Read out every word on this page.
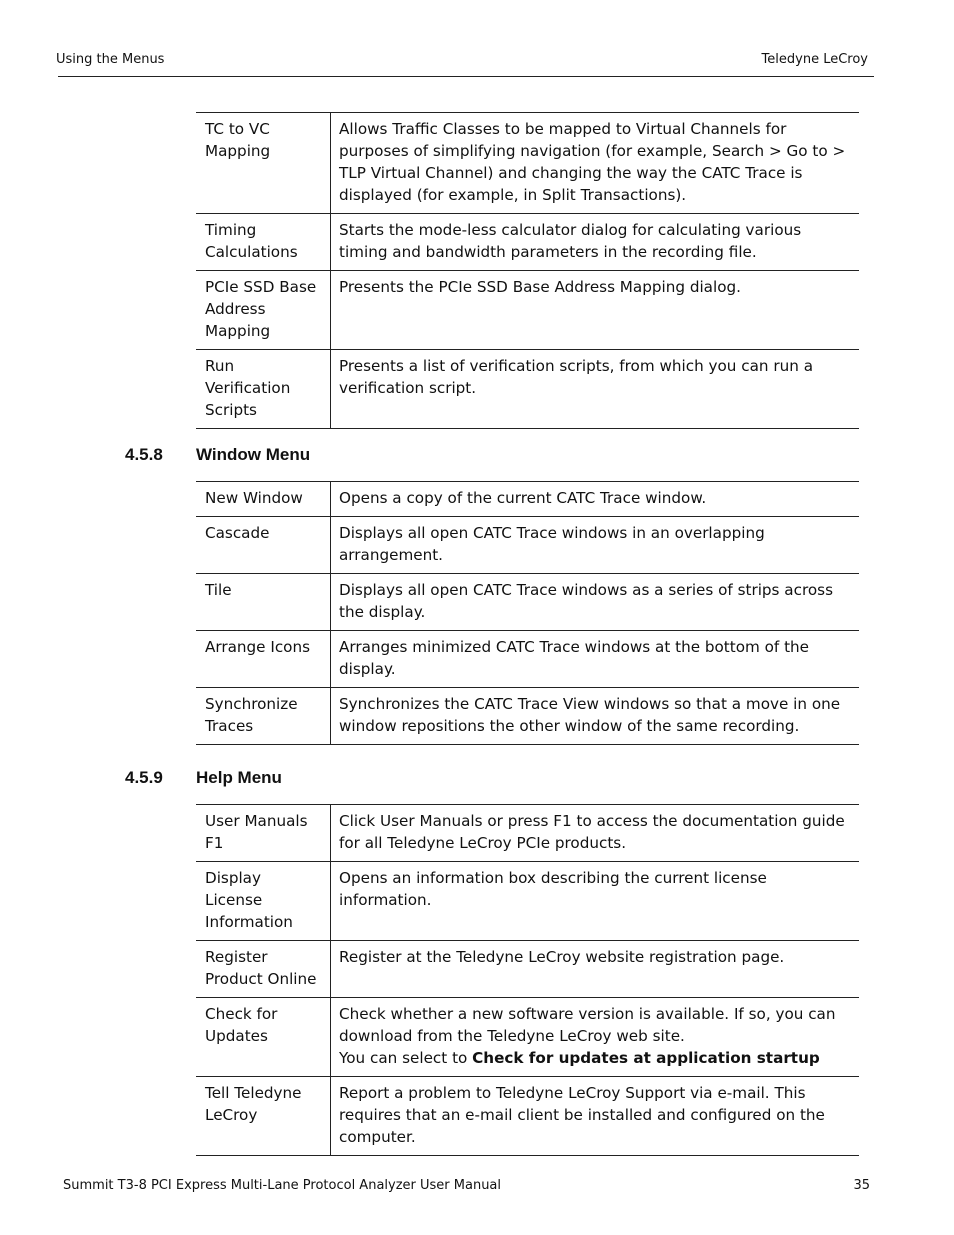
Using the Menus	Teledyne LeCroy
TC to VC Mapping	Allows Traffic Classes to be mapped to Virtual Channels for purposes of simplifying navigation (for example, Search > Go to > TLP Virtual Channel) and changing the way the CATC Trace is displayed (for example, in Split Transactions).
Timing Calculations	Starts the mode-less calculator dialog for calculating various timing and bandwidth parameters in the recording file.
PCIe SSD Base Address Mapping	Presents the PCIe SSD Base Address Mapping dialog.
Run Verification Scripts	Presents a list of verification scripts, from which you can run a verification script.
4.5.8 Window Menu
New Window	Opens a copy of the current CATC Trace window.
Cascade	Displays all open CATC Trace windows in an overlapping arrangement.
Tile	Displays all open CATC Trace windows as a series of strips across the display.
Arrange Icons	Arranges minimized CATC Trace windows at the bottom of the display.
Synchronize Traces	Synchronizes the CATC Trace View windows so that a move in one window repositions the other window of the same recording.
4.5.9 Help Menu
User Manuals F1	Click User Manuals or press F1 to access the documentation guide for all Teledyne LeCroy PCIe products.
Display License Information	Opens an information box describing the current license information.
Register Product Online	Register at the Teledyne LeCroy website registration page.
Check for Updates	Check whether a new software version is available. If so, you can download from the Teledyne LeCroy web site.
You can select to Check for updates at application startup

Tell Teledyne LeCroy	Report a problem to Teledyne LeCroy Support via e-mail. This requires that an e-mail client be installed and configured on the computer.
Summit T3-8 PCI Express Multi-Lane Protocol Analyzer User Manual	35
